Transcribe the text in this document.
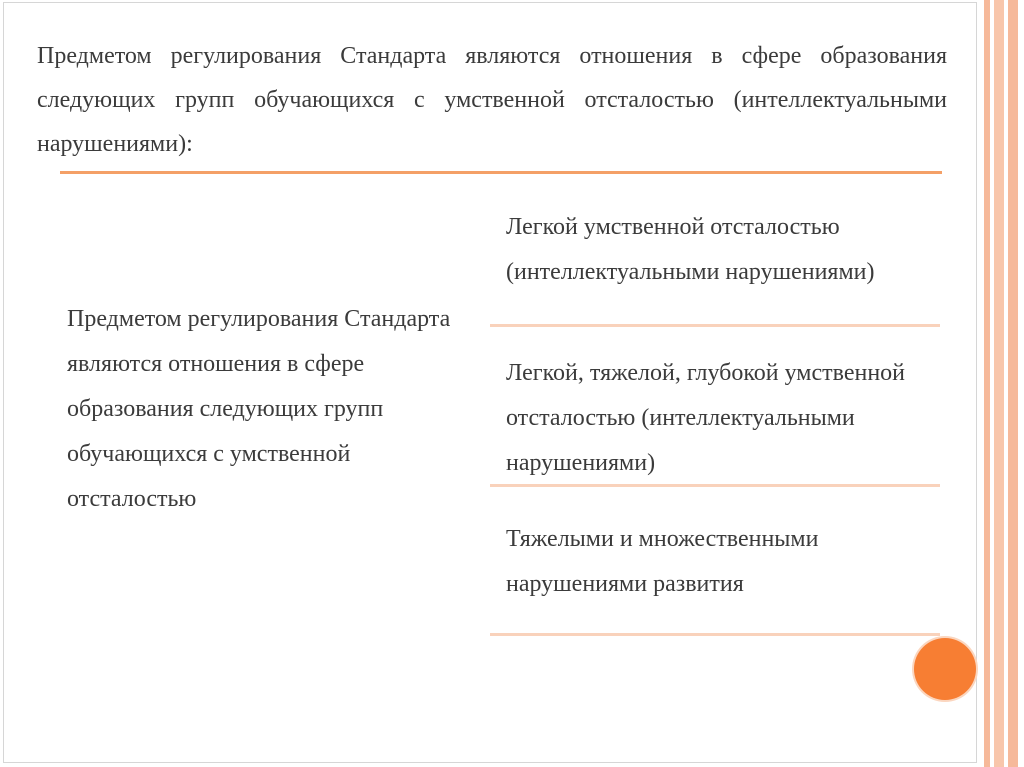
Предметом регулирования Стандарта являются отношения в сфере образования следующих групп обучающихся с умственной отсталостью (интеллектуальными нарушениями):

Предметом регулирования Стандарта являются отношения в сфере образования следующих групп обучающихся с умственной отсталостью

Легкой умственной отсталостью (интеллектуальными нарушениями)

Легкой, тяжелой, глубокой умственной отсталостью (интеллектуальными нарушениями)

Тяжелыми и множественными нарушениями развития
